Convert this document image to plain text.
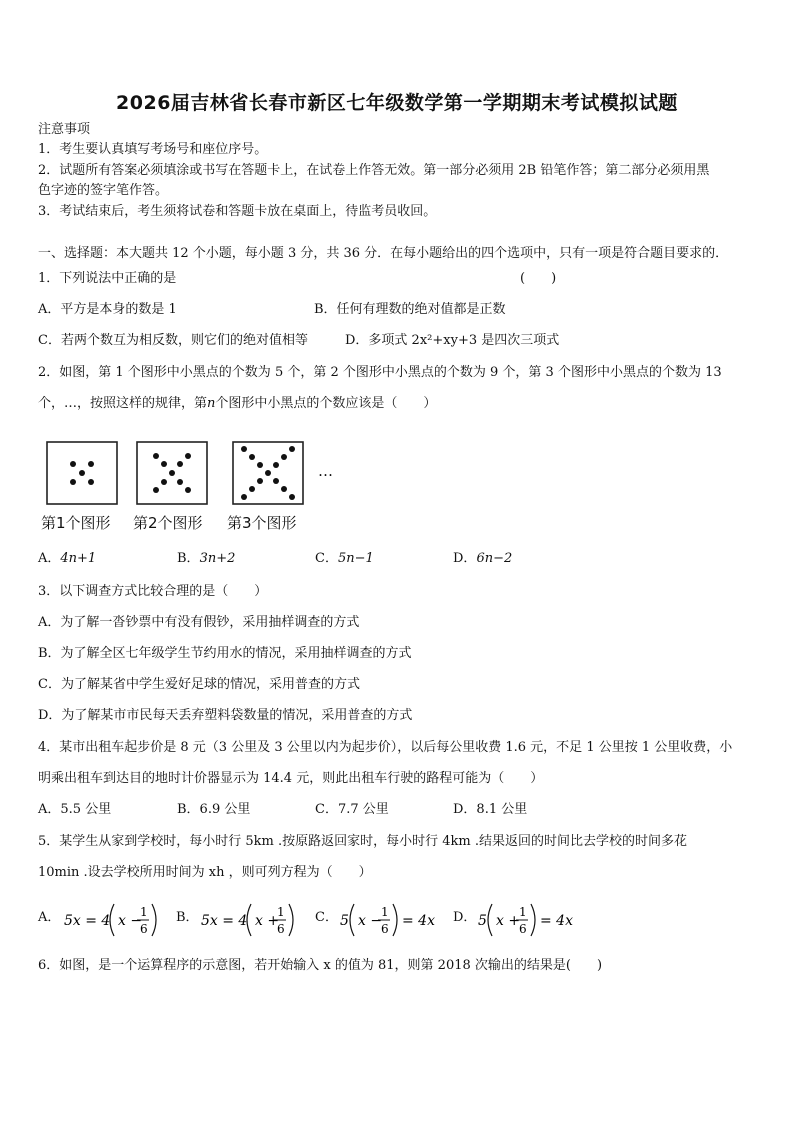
2026届吉林省长春市新区七年级数学第一学期期末考试模拟试题
注意事项
1．考生要认真填写考场号和座位序号。
2．试题所有答案必须填涂或书写在答题卡上，在试卷上作答无效。第一部分必须用 2B 铅笔作答；第二部分必须用黑
色字迹的签字笔作答。
3．考试结束后，考生须将试卷和答题卡放在桌面上，待监考员收回。
一、选择题：本大题共 12 个小题，每小题 3 分，共 36 分．在每小题给出的四个选项中，只有一项是符合题目要求的．
1．下列说法中正确的是	(　　)
A．平方是本身的数是 1	B．任何有理数的绝对值都是正数
C．若两个数互为相反数，则它们的绝对值相等	D．多项式 2x²+xy+3 是四次三项式
2．如图，第 1 个图形中小黑点的个数为 5 个，第 2 个图形中小黑点的个数为 9 个，第 3 个图形中小黑点的个数为 13
个，…，按照这样的规律，第n个图形中小黑点的个数应该是（　　）
…
第1个图形 第2个图形 第3个图形
A．4n+1	B．3n+2	C．5n−1	D．6n−2
3．以下调查方式比较合理的是（　　）
A．为了解一沓钞票中有没有假钞，采用抽样调查的方式
B．为了解全区七年级学生节约用水的情况，采用抽样调查的方式
C．为了解某省中学生爱好足球的情况，采用普查的方式
D．为了解某市市民每天丢弃塑料袋数量的情况，采用普查的方式
4．某市出租车起步价是 8 元（3 公里及 3 公里以内为起步价），以后每公里收费 1.6 元，不足 1 公里按 1 公里收费，小
明乘出租车到达目的地时计价器显示为 14.4 元，则此出租车行驶的路程可能为（　　）
A．5.5 公里	B．6.9 公里	C．7.7 公里	D．8.1 公里
5．某学生从家到学校时，每小时行 5km .按原路返回家时，每小时行 4km .结果返回的时间比去学校的时间多花
10min .设去学校所用时间为 xh ，则可列方程为（　　）
A． 5x = 4 x −
1
6
B． 5x = 4 x +
1
6
C． 5 x −
1
6 = 4x D． 5 x +
1
6 = 4x
6．如图，是一个运算程序的示意图，若开始输入 x 的值为 81，则第 2018 次输出的结果是(　　)
